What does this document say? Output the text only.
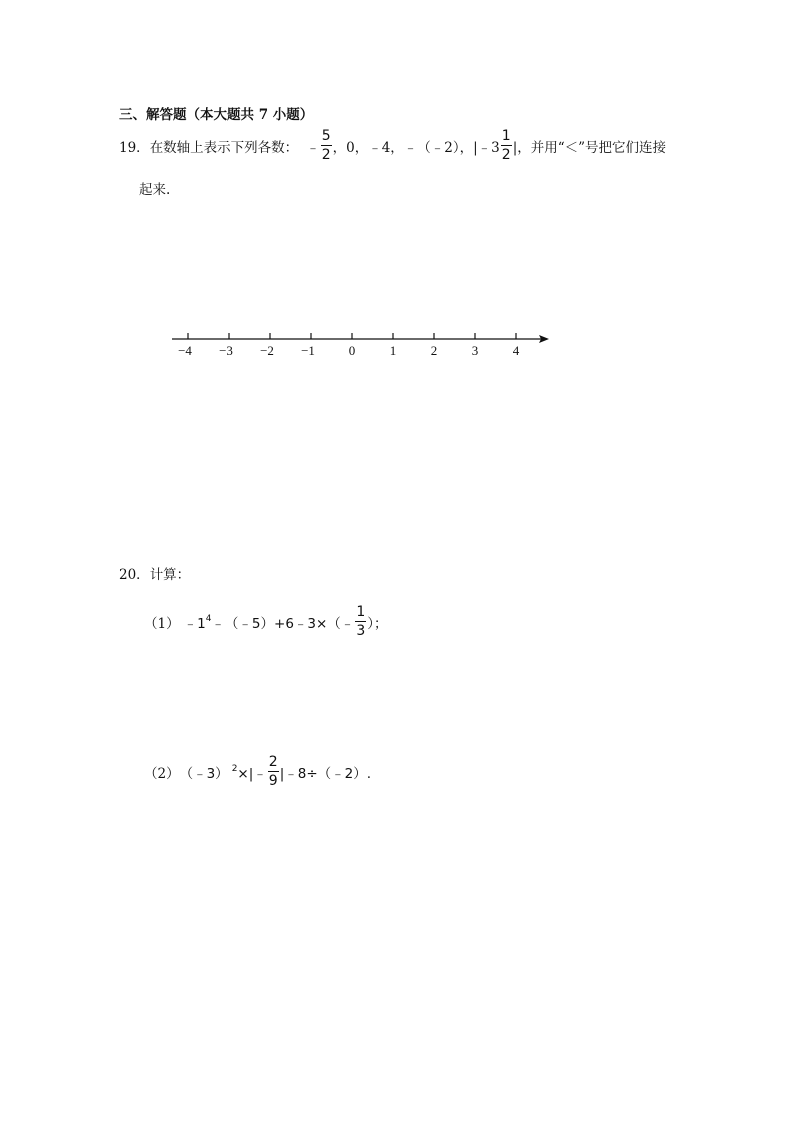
三、解答题（本大题共 7 小题）
19． 在数轴上表示下列各数： ﹣ $\frac{5}{2}$ ，0，﹣4，﹣（﹣2），|﹣3 $\frac{1}{2}$ |，并用“＜”号把它们连接
起来.
−4 −3 −2 −1	0	1	2	3	4
20．计算：
（1） $﹣1^4$ ﹣（﹣5）+6﹣3×（﹣ $\frac{1}{3}$ ）；
（2） （﹣3） $^2$ ×|﹣ $\frac{2}{9}$ |﹣8÷（﹣2）.
